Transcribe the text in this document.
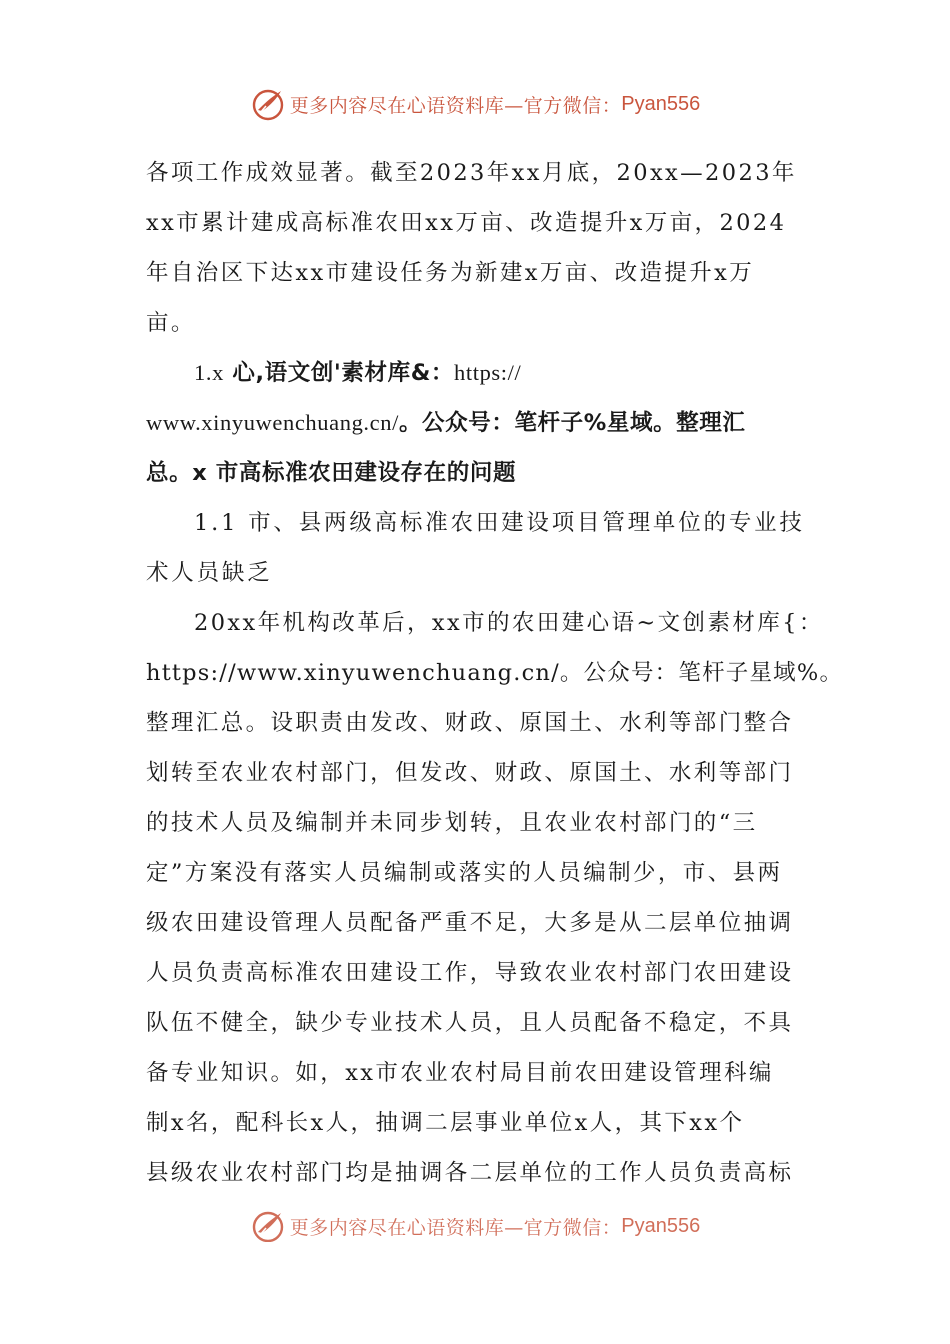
更多内容尽在心语资料库—官方微信： Pyan556
各项工作成效显著。截至2023年xx月底，20xx—2023年
xx市累计建成高标准农田xx万亩、改造提升x万亩，2024
年自治区下达xx市建设任务为新建x万亩、改造提升x万
亩。
1.x 心,语文创'素材库&：https://
www.xinyuwenchuang.cn/。公众号：笔杆子%星域。整理汇
总。x 市高标准农田建设存在的问题
1.1 市、县两级高标准农田建设项目管理单位的专业技
术人员缺乏
20xx年机构改革后，xx市的农田建心语~文创素材库{：
https://www.xinyuwenchuang.cn/。公众号：笔杆子星域%。
整理汇总。设职责由发改、财政、原国土、水利等部门整合
划转至农业农村部门，但发改、财政、原国土、水利等部门
的技术人员及编制并未同步划转，且农业农村部门的“三
定”方案没有落实人员编制或落实的人员编制少，市、县两
级农田建设管理人员配备严重不足，大多是从二层单位抽调
人员负责高标准农田建设工作，导致农业农村部门农田建设
队伍不健全，缺少专业技术人员，且人员配备不稳定，不具
备专业知识。如，xx市农业农村局目前农田建设管理科编
制x名，配科长x人，抽调二层事业单位x人，其下xx个
县级农业农村部门均是抽调各二层单位的工作人员负责高标
更多内容尽在心语资料库—官方微信： Pyan556
